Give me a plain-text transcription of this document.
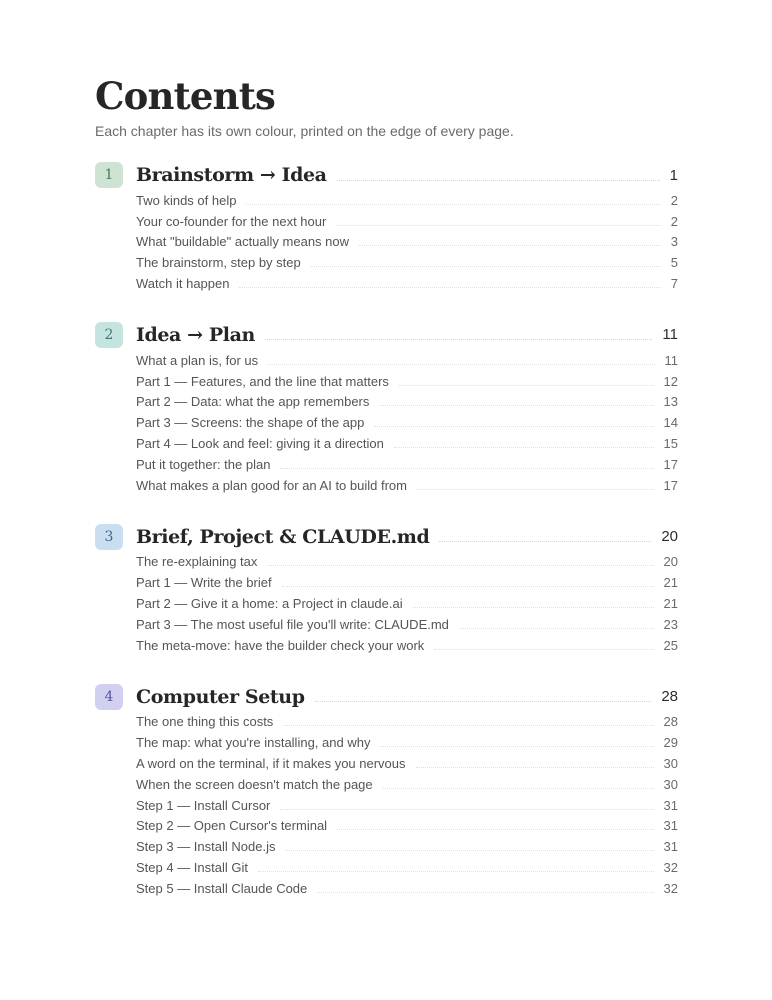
Contents
Each chapter has its own colour, printed on the edge of every page.
1	Brainstorm → Idea	1
Two kinds of help	2
Your co-founder for the next hour	2
What "buildable" actually means now	3
The brainstorm, step by step	5
Watch it happen	7
2	Idea → Plan	11
What a plan is, for us	11
Part 1 — Features, and the line that matters	12
Part 2 — Data: what the app remembers	13
Part 3 — Screens: the shape of the app	14
Part 4 — Look and feel: giving it a direction	15
Put it together: the plan	17
What makes a plan good for an AI to build from	17
3	Brief, Project & CLAUDE.md	20
The re-explaining tax	20
Part 1 — Write the brief	21
Part 2 — Give it a home: a Project in claude.ai	21
Part 3 — The most useful file you'll write: CLAUDE.md	23
The meta-move: have the builder check your work	25
4	Computer Setup	28
The one thing this costs	28
The map: what you're installing, and why	29
A word on the terminal, if it makes you nervous	30
When the screen doesn't match the page	30
Step 1 — Install Cursor	31
Step 2 — Open Cursor's terminal	31
Step 3 — Install Node.js	31
Step 4 — Install Git	32
Step 5 — Install Claude Code	32
